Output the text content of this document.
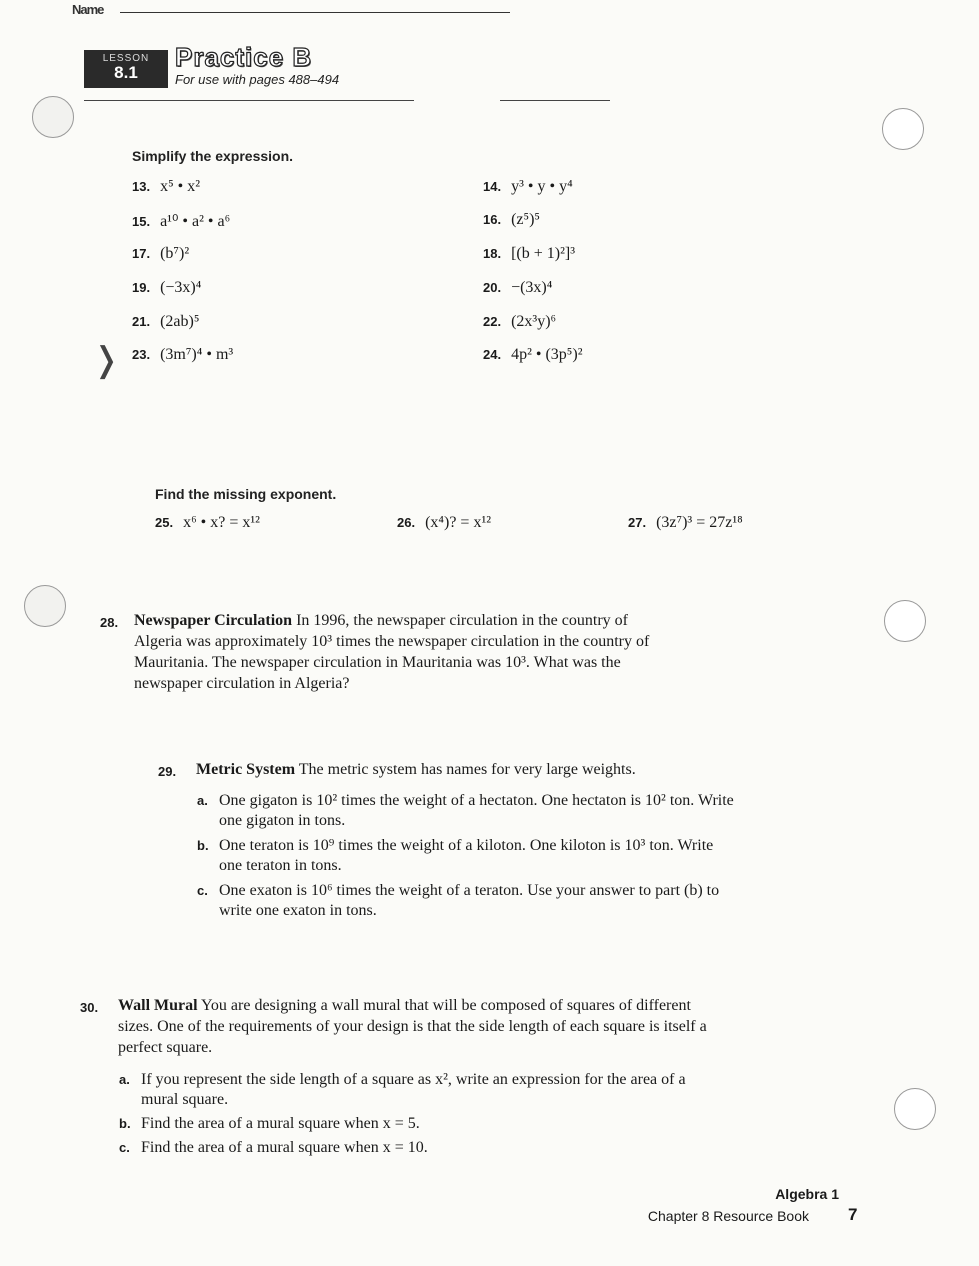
Name
LESSON
8.1
Practice B
For use with pages 488–494
Simplify the expression.
13. x⁵ • x²	14. y³ • y • y⁴
15. a¹⁰ • a² • a⁶	16. (z⁵)⁵
17. (b⁷)²	18. [(b + 1)²]³
19. (−3x)⁴	20. −(3x)⁴
21. (2ab)⁵	22. (2x³y)⁶
❭ 23. (3m⁷)⁴ • m³	24. 4p² • (3p⁵)²
Find the missing exponent.
25. x⁶ • x? = x¹²	26. (x⁴)? = x¹²	27. (3z⁷)³ = 27z¹⁸
28. Newspaper Circulation In 1996, the newspaper circulation in the country of Algeria was approximately 10³ times the newspaper circulation in the country of Mauritania. The newspaper circulation in Mauritania was 10³. What was the newspaper circulation in Algeria?
29. Metric System The metric system has names for very large weights.
a. One gigaton is 10² times the weight of a hectaton. One hectaton is 10² ton. Write one gigaton in tons.
b. One teraton is 10⁹ times the weight of a kiloton. One kiloton is 10³ ton. Write one teraton in tons.
c. One exaton is 10⁶ times the weight of a teraton. Use your answer to part (b) to write one exaton in tons.
30. Wall Mural You are designing a wall mural that will be composed of squares of different sizes. One of the requirements of your design is that the side length of each square is itself a perfect square.
a. If you represent the side length of a square as x², write an expression for the area of a mural square.
b. Find the area of a mural square when x = 5.
c. Find the area of a mural square when x = 10.
Algebra 1
Chapter 8 Resource Book 7
